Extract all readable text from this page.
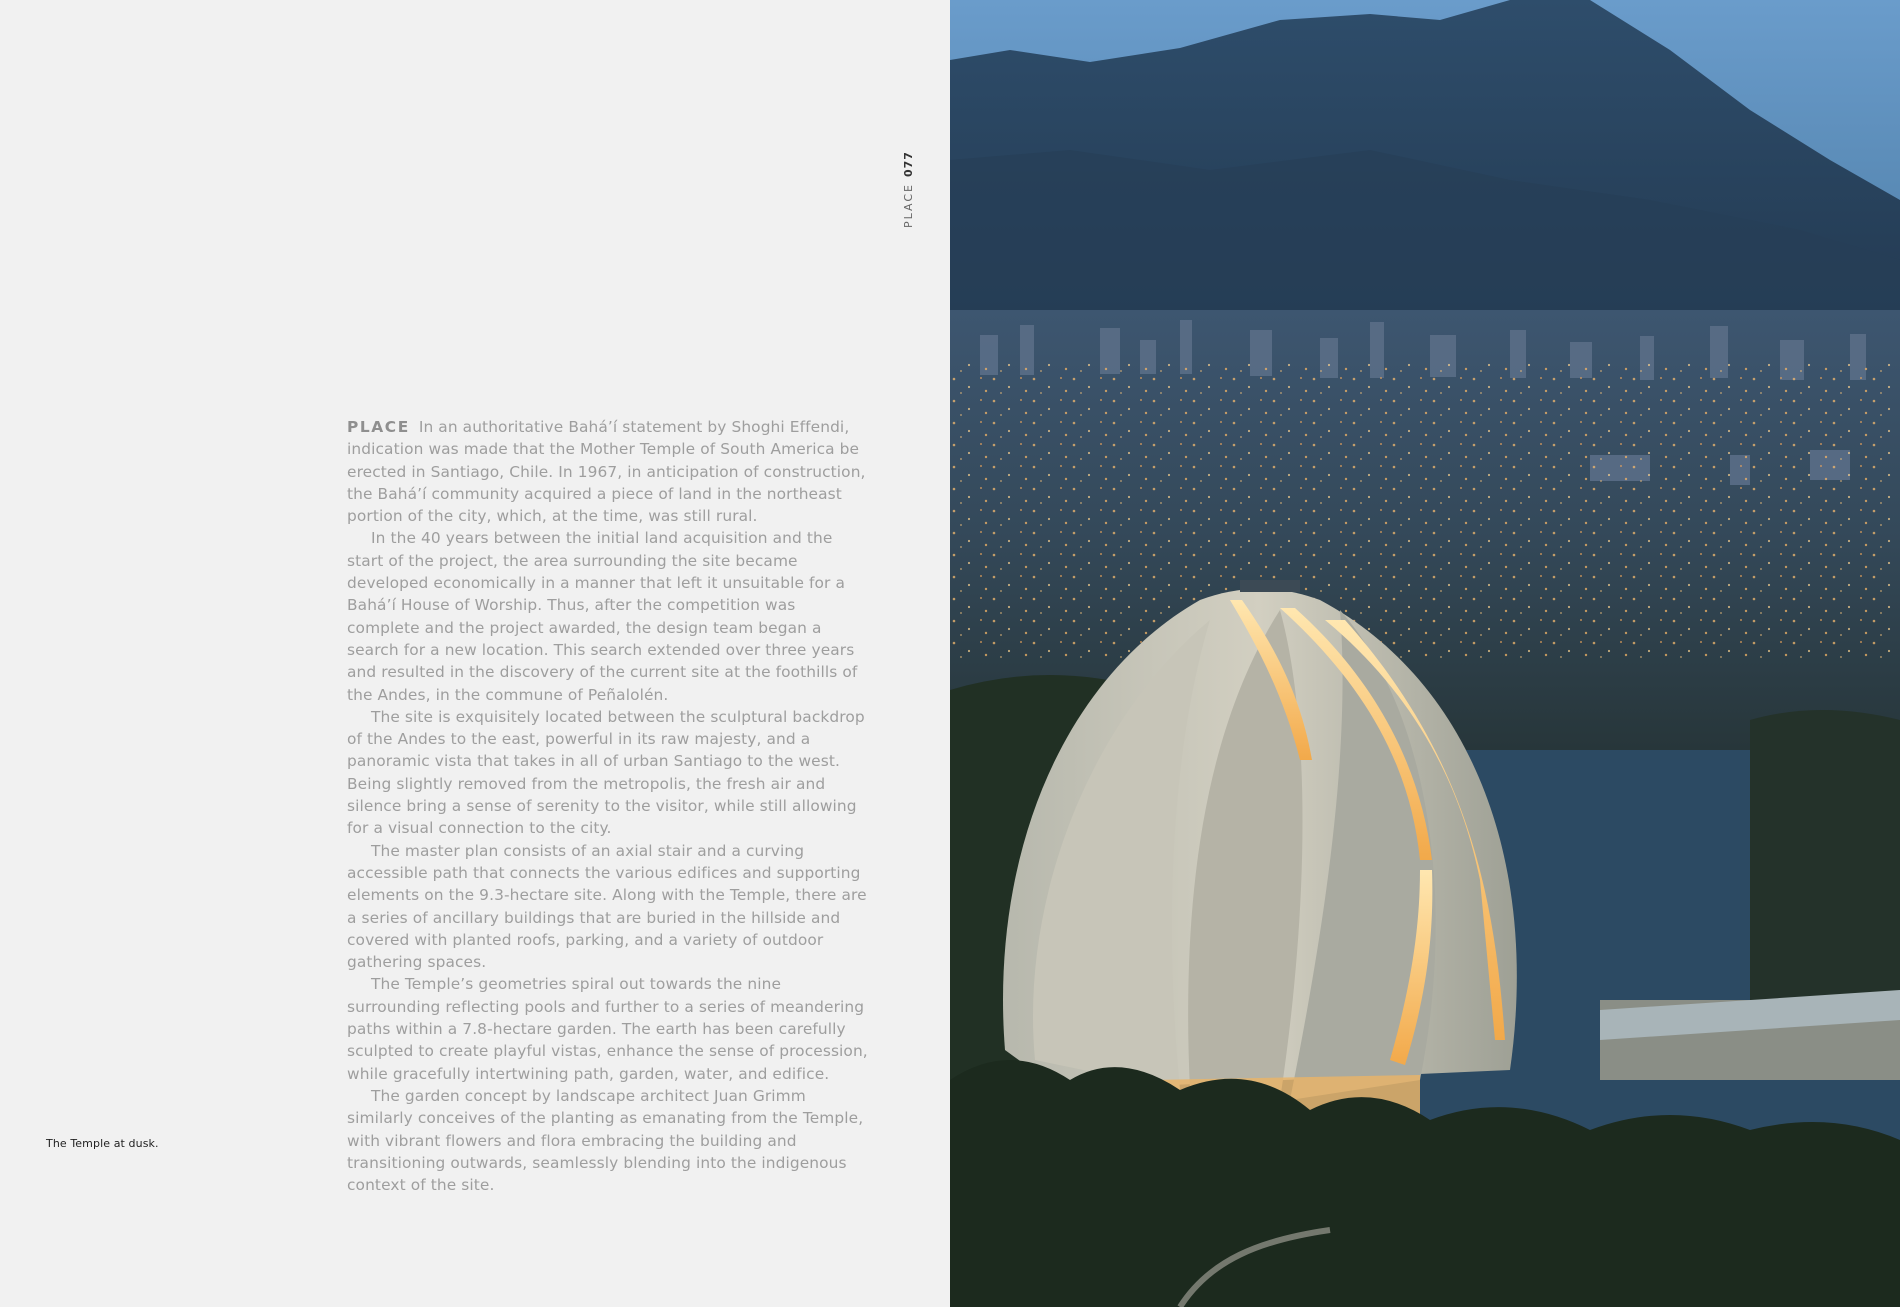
PLACE077

PLACE In an authoritative Bahá’í statement by Shoghi Effendi, indication was made that the Mother Temple of South America be erected in Santiago, Chile. In 1967, in anticipation of construction, the Bahá’í community acquired a piece of land in the northeast portion of the city, which, at the time, was still rural.

In the 40 years between the initial land acquisition and the start of the project, the area surrounding the site became developed economically in a manner that left it unsuitable for a Bahá’í House of Worship. Thus, after the competition was complete and the project awarded, the design team began a search for a new location. This search extended over three years and resulted in the discovery of the current site at the foothills of the Andes, in the commune of Peñalolén.

The site is exquisitely located between the sculptural backdrop of the Andes to the east, powerful in its raw majesty, and a panoramic vista that takes in all of urban Santiago to the west. Being slightly removed from the metropolis, the fresh air and silence bring a sense of serenity to the visitor, while still allowing for a visual connection to the city.

The master plan consists of an axial stair and a curving accessible path that connects the various edifices and supporting elements on the 9.3-hectare site. Along with the Temple, there are a series of ancillary buildings that are buried in the hillside and covered with planted roofs, parking, and a variety of outdoor gathering spaces.

The Temple’s geometries spiral out towards the nine surrounding reflecting pools and further to a series of meandering paths within a 7.8-hectare garden. The earth has been carefully sculpted to create playful vistas, enhance the sense of procession, while gracefully intertwining path, garden, water, and edifice.

The garden concept by landscape architect Juan Grimm similarly conceives of the planting as emanating from the Temple, with vibrant flowers and flora embracing the building and transitioning outwards, seamlessly blending into the indigenous context of the site.

The Temple at dusk.
